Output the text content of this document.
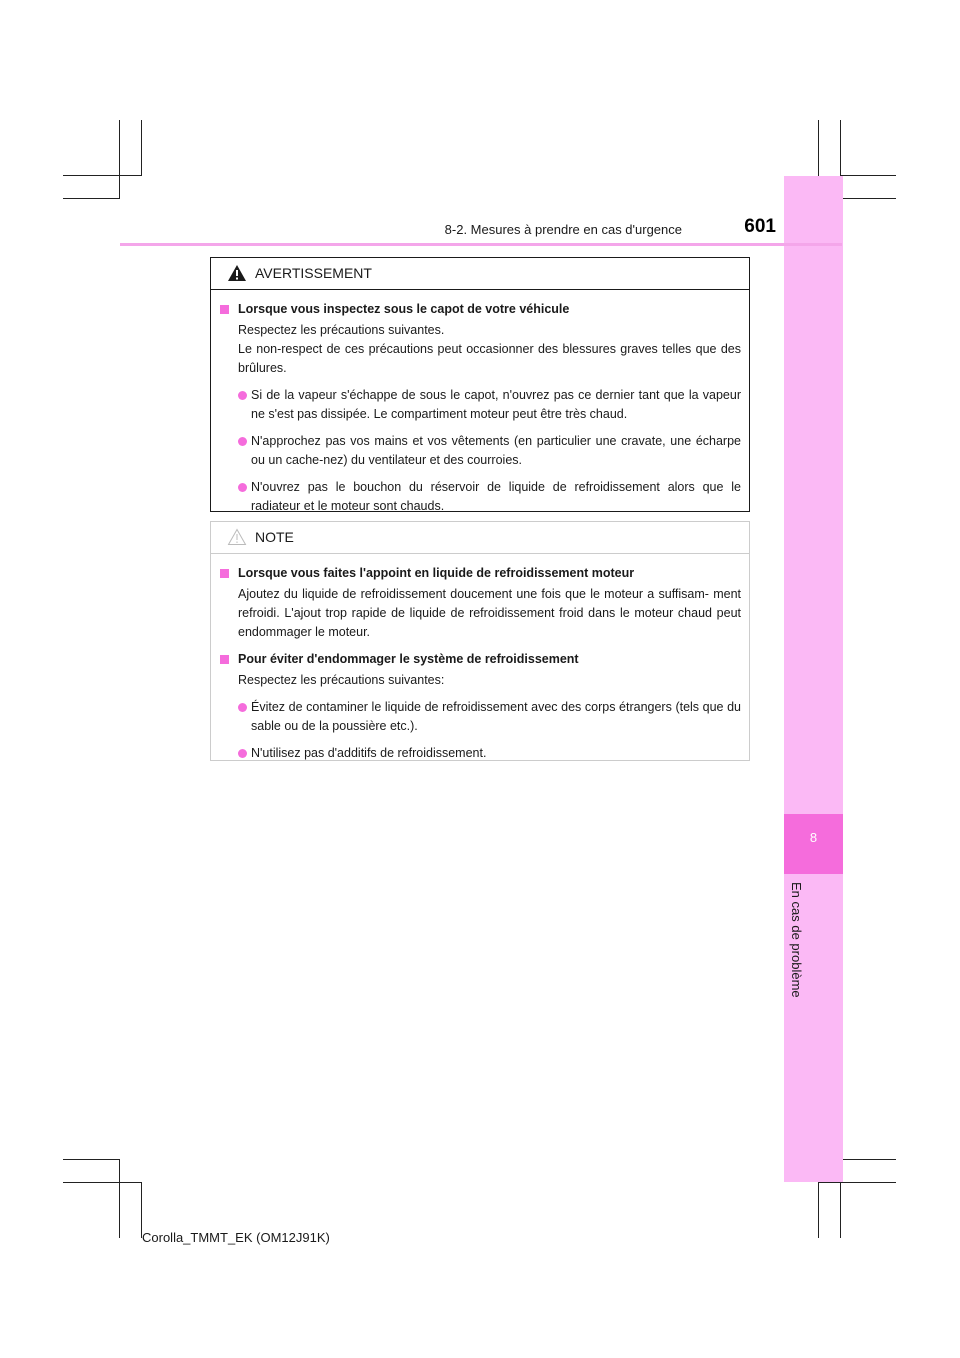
8
En cas de problème
8-2. Mesures à prendre en cas d'urgence	601
AVERTISSEMENT
Lorsque vous inspectez sous le capot de votre véhicule
Respectez les précautions suivantes.
Le non-respect de ces précautions peut occasionner des blessures graves telles que des brûlures.
Si de la vapeur s'échappe de sous le capot, n'ouvrez pas ce dernier tant que la vapeur ne s'est pas dissipée. Le compartiment moteur peut être très chaud.
N'approchez pas vos mains et vos vêtements (en particulier une cravate, une écharpe ou un cache-nez) du ventilateur et des courroies.
N'ouvrez pas le bouchon du réservoir de liquide de refroidissement alors que le radiateur et le moteur sont chauds.
NOTE
Lorsque vous faites l'appoint en liquide de refroidissement moteur
Ajoutez du liquide de refroidissement doucement une fois que le moteur a suffisam- ment refroidi. L'ajout trop rapide de liquide de refroidissement froid dans le moteur chaud peut endommager le moteur.
Pour éviter d'endommager le système de refroidissement
Respectez les précautions suivantes:
Évitez de contaminer le liquide de refroidissement avec des corps étrangers (tels que du sable ou de la poussière etc.).
N'utilisez pas d'additifs de refroidissement.
Corolla_TMMT_EK (OM12J91K)
